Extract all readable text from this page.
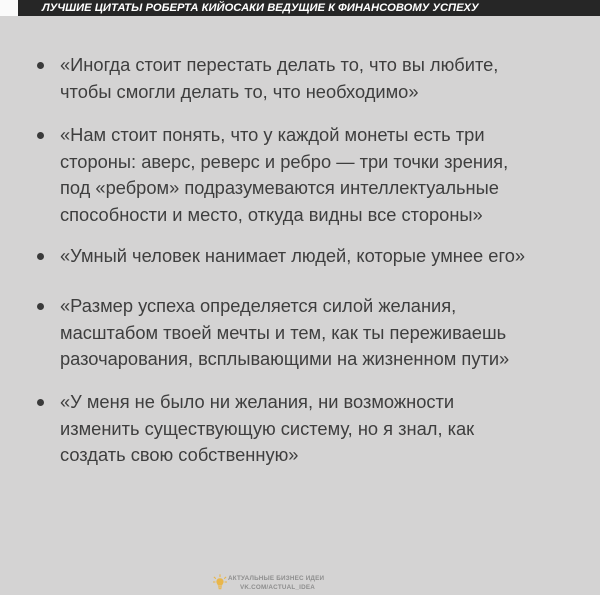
ЛУЧШИЕ ЦИТАТЫ РОБЕРТА КИЙОСАКИ ВЕДУЩИЕ К ФИНАНСОВОМУ УСПЕХУ
«Иногда стоит перестать делать то, что вы любите,
чтобы смогли делать то, что необходимо»
«Нам стоит понять, что у каждой монеты есть три
стороны: аверс, реверс и ребро — три точки зрения,
под «ребром» подразумеваются интеллектуальные
способности и место, откуда видны все стороны»
«Умный человек нанимает людей, которые умнее его»
«Размер успеха определяется силой желания,
масштабом твоей мечты и тем, как ты переживаешь
разочарования, всплывающими на жизненном пути»
«У меня не было ни желания, ни возможности
изменить существующую систему, но я знал, как
создать свою собственную»
АКТУАЛЬНЫЕ БИЗНЕС ИДЕИ
VK.COM/ACTUAL_IDEA
